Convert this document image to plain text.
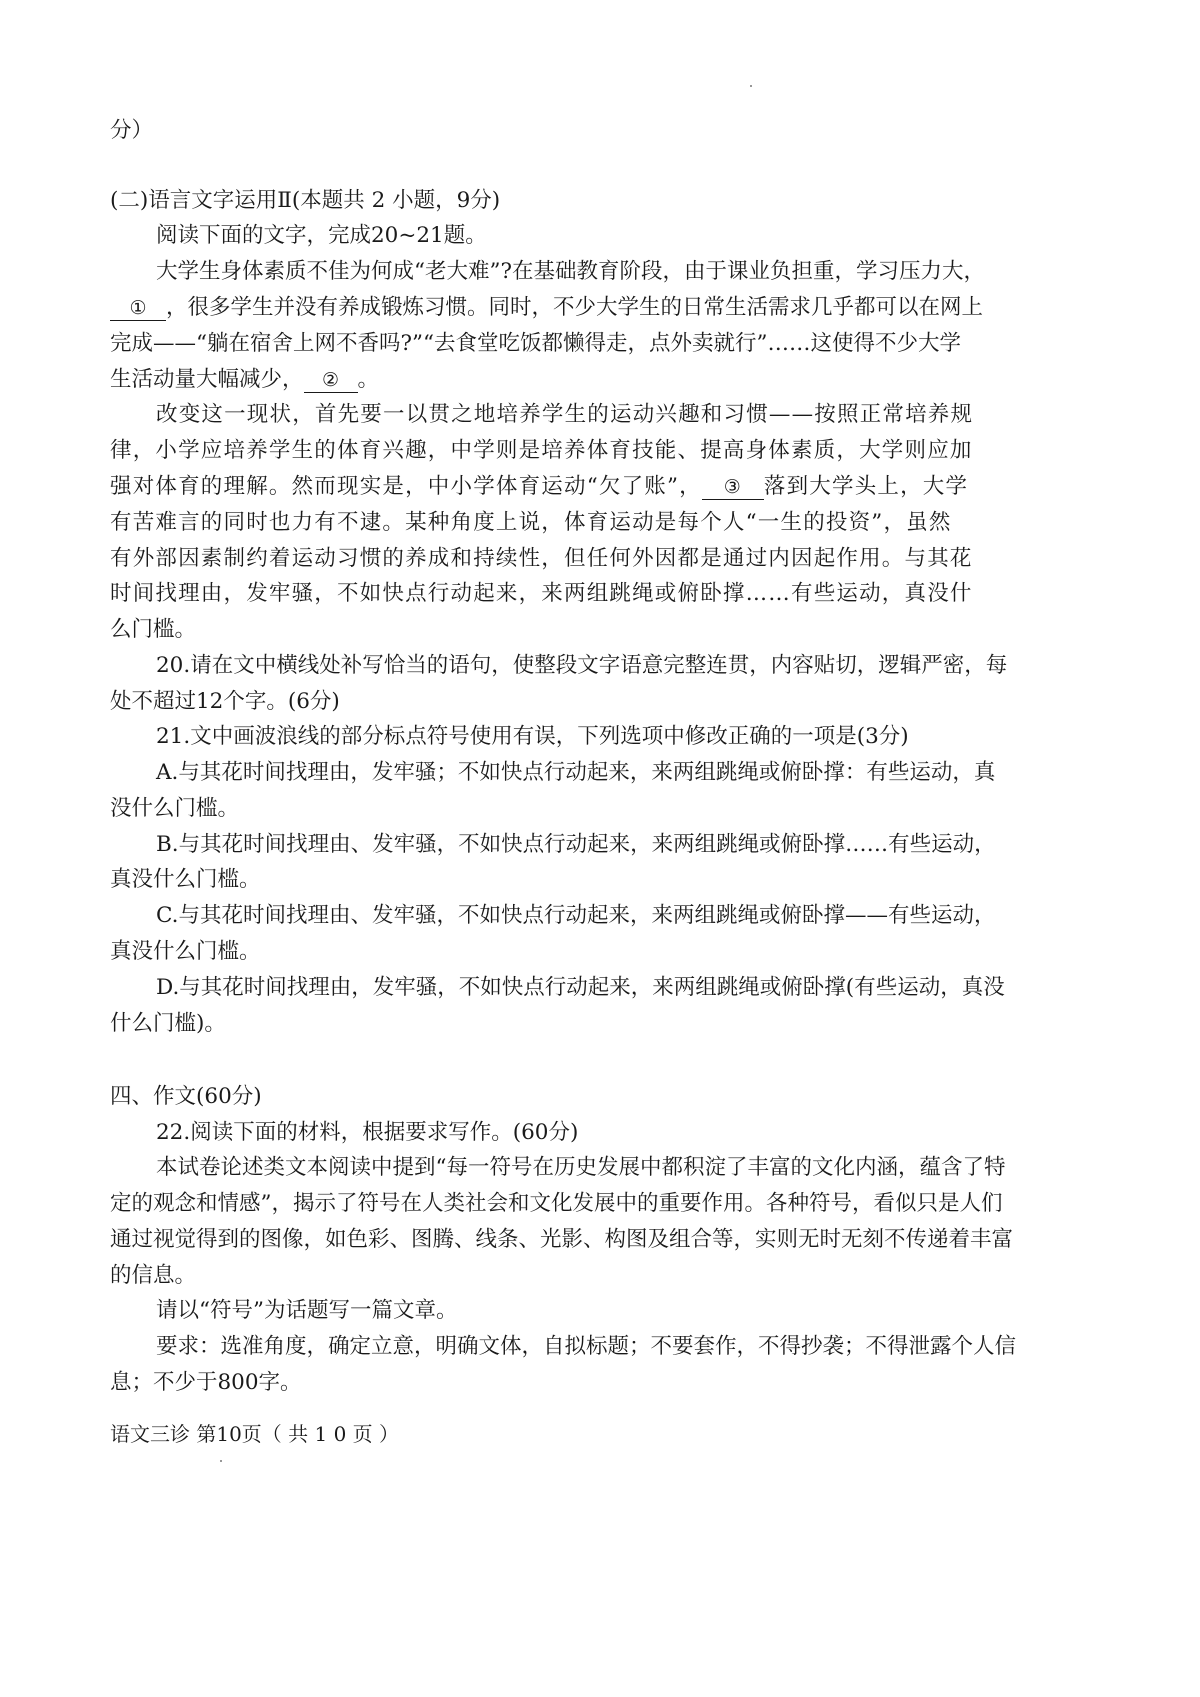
分）
(二)语言文字运用Ⅱ(本题共 2 小题，9分)
阅读下面的文字，完成20~21题。
大学生身体素质不佳为何成“老大难”?在基础教育阶段，由于课业负担重，学习压力大，
① ，很多学生并没有养成锻炼习惯。同时，不少大学生的日常生活需求几乎都可以在网上
完成——“躺在宿舍上网不香吗?”“去食堂吃饭都懒得走，点外卖就行”……这使得不少大学
生活动量大幅减少， ② 。
改变这一现状，首先要一以贯之地培养学生的运动兴趣和习惯——按照正常培养规
律，小学应培养学生的体育兴趣，中学则是培养体育技能、提高身体素质，大学则应加
强对体育的理解。然而现实是，中小学体育运动“欠了账”， ③ 落到大学头上，大学
有苦难言的同时也力有不逮。某种角度上说，体育运动是每个人“一生的投资”，虽然
有外部因素制约着运动习惯的养成和持续性，但任何外因都是通过内因起作用。与其花
时间找理由，发牢骚，不如快点行动起来，来两组跳绳或俯卧撑……有些运动，真没什
么门槛。
20.请在文中横线处补写恰当的语句，使整段文字语意完整连贯，内容贴切，逻辑严密，每
处不超过12个字。(6分)
21.文中画波浪线的部分标点符号使用有误，下列选项中修改正确的一项是(3分)
A.与其花时间找理由，发牢骚；不如快点行动起来，来两组跳绳或俯卧撑：有些运动，真
没什么门槛。
B.与其花时间找理由、发牢骚，不如快点行动起来，来两组跳绳或俯卧撑……有些运动，
真没什么门槛。
C.与其花时间找理由、发牢骚，不如快点行动起来，来两组跳绳或俯卧撑——有些运动，
真没什么门槛。
D.与其花时间找理由，发牢骚，不如快点行动起来，来两组跳绳或俯卧撑(有些运动，真没
什么门槛)。
四、作文(60分)
22.阅读下面的材料，根据要求写作。(60分)
本试卷论述类文本阅读中提到“每一符号在历史发展中都积淀了丰富的文化内涵，蕴含了特
定的观念和情感”，揭示了符号在人类社会和文化发展中的重要作用。各种符号，看似只是人们
通过视觉得到的图像，如色彩、图腾、线条、光影、构图及组合等，实则无时无刻不传递着丰富
的信息。
请以“符号”为话题写一篇文章。
要求：选准角度，确定立意，明确文体，自拟标题；不要套作，不得抄袭；不得泄露个人信
息；不少于800字。
语文三诊 第10页（ 共 1 0 页 ）
